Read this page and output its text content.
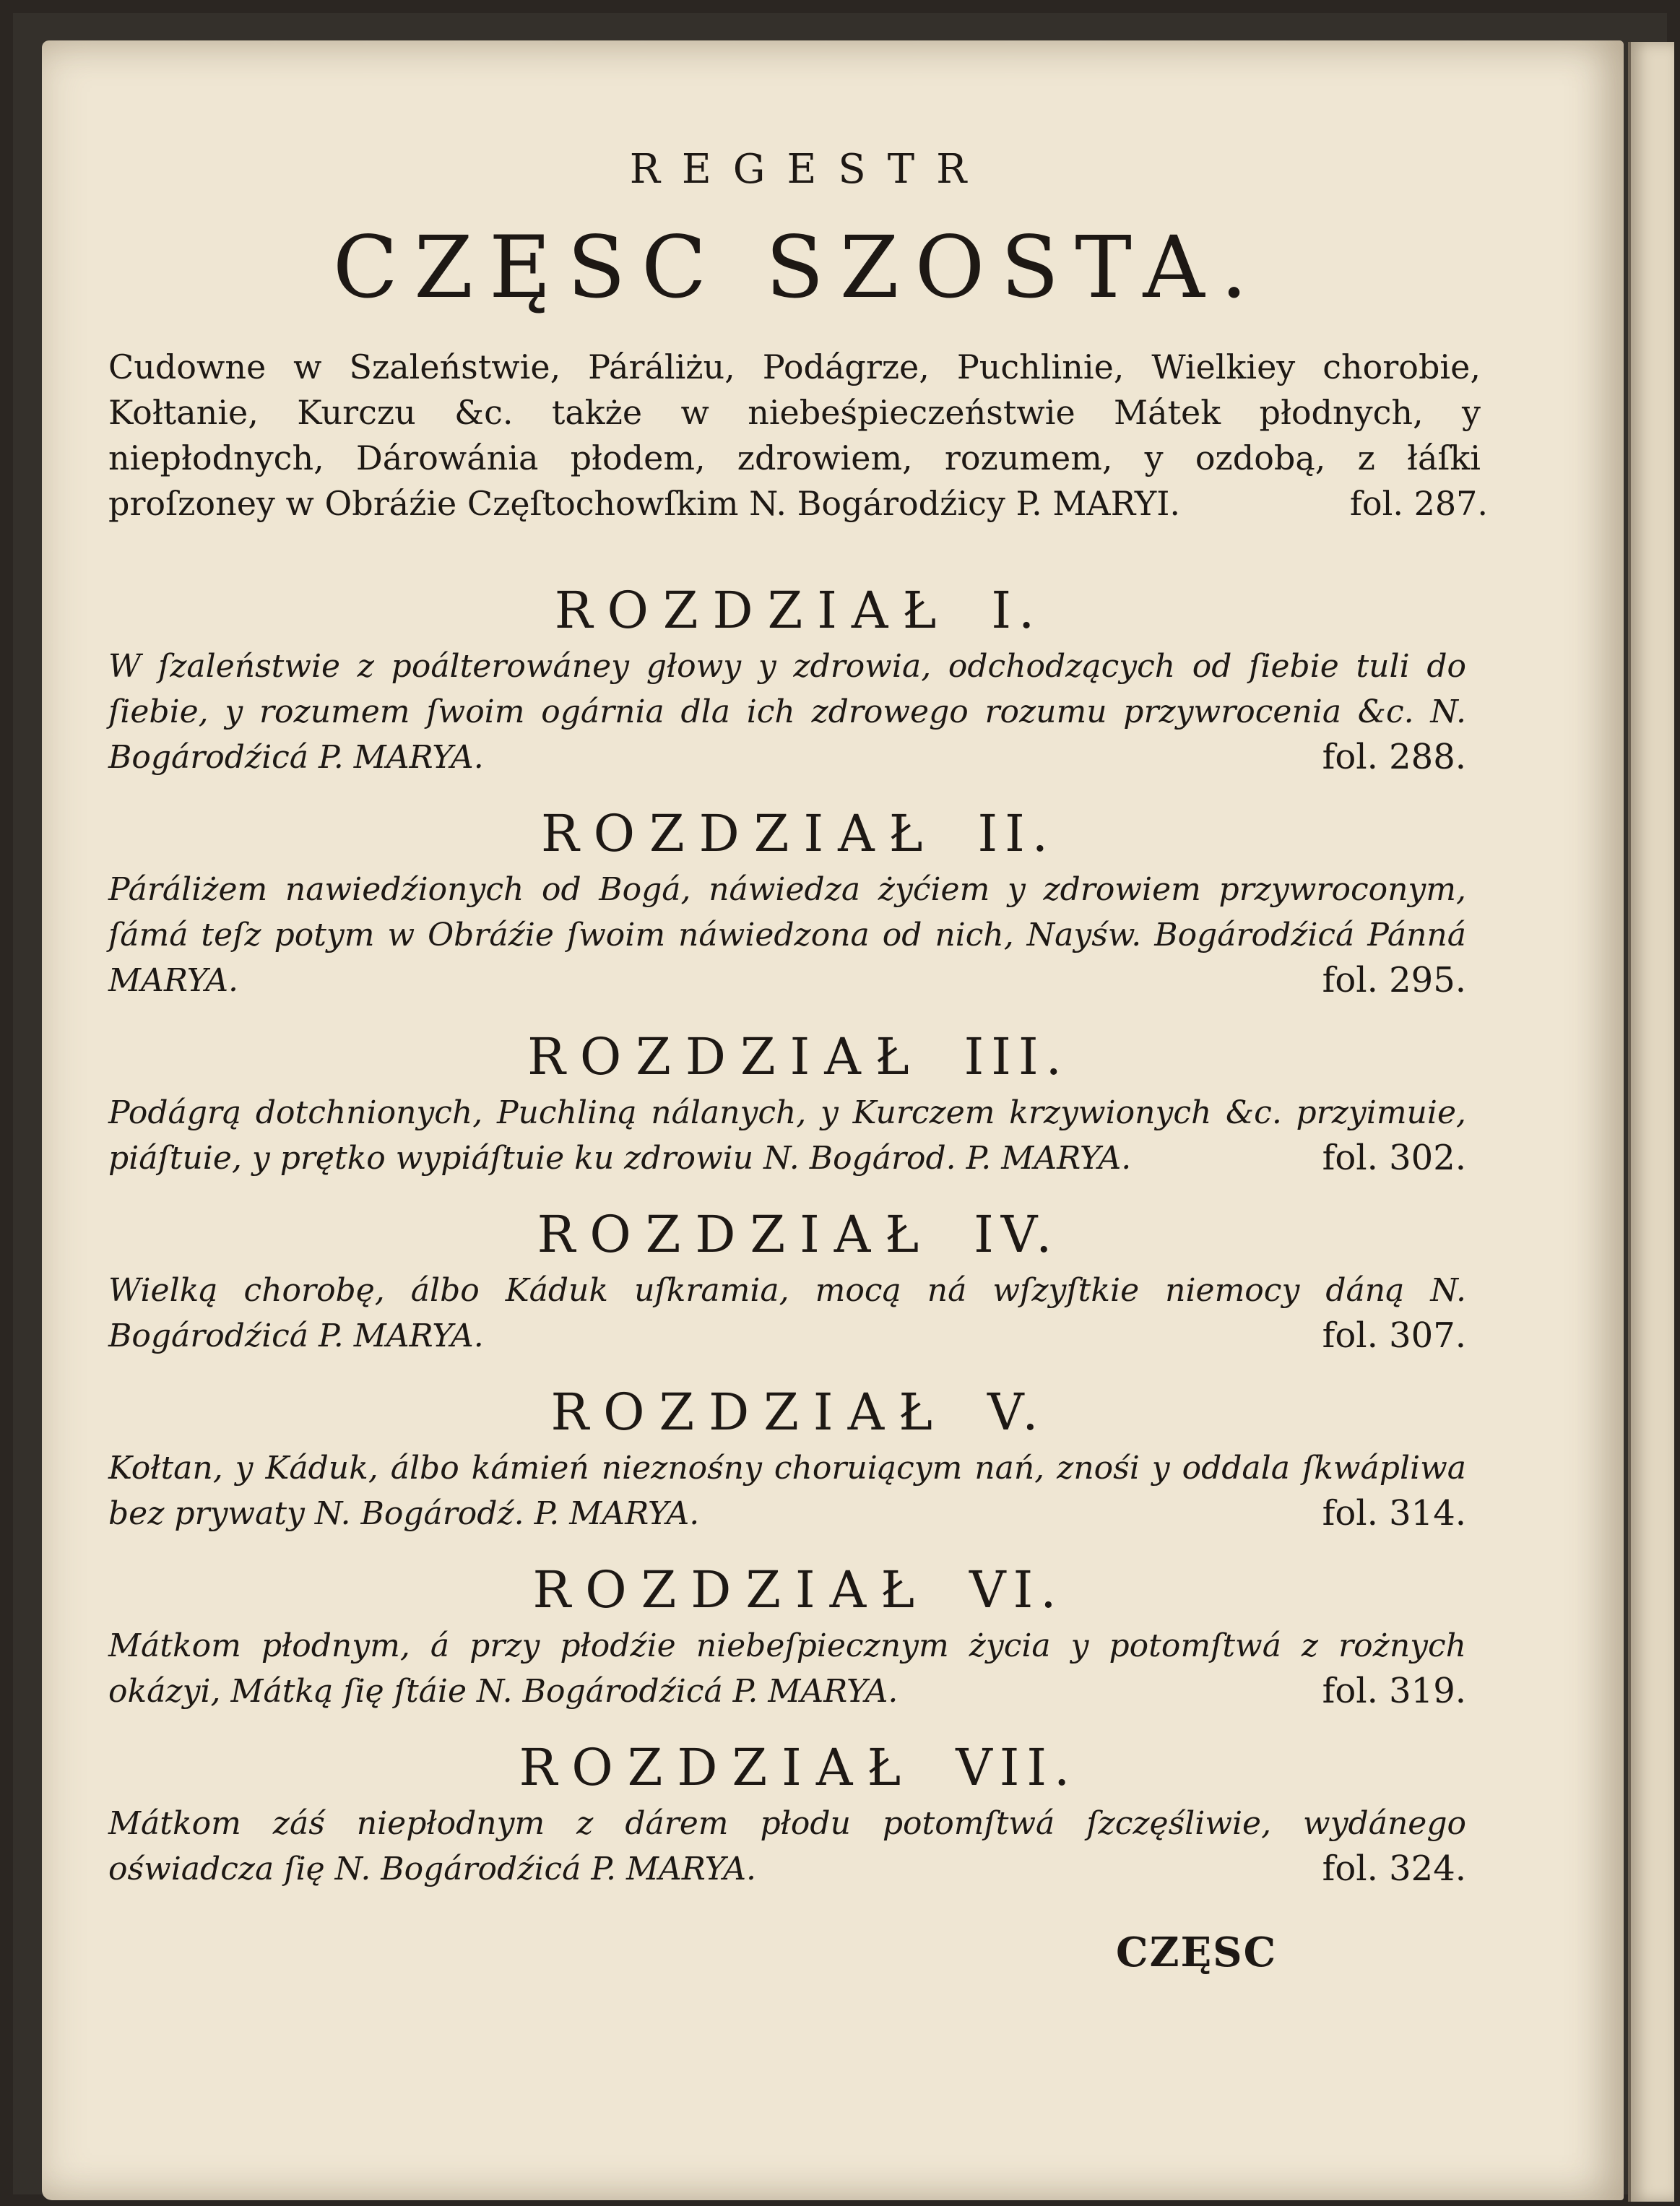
REGESTR
CZĘSC SZOSTA.
Cudowne w Szaleństwie, Páráliżu, Podágrze, Puchlinie, Wielkiey chorobie, Kołtanie, Kurczu &c. także w niebeśpieczeństwie Mátek płodnych, y niepłodnych, Dárowánia płodem, zdrowiem, rozumem, y ozdobą, z łáſki proſzoney w Obráźie Częſtochowſkim N. Bogárodźicy P. MARYI.	fol. 287.
ROZDZIAŁ I.
W ſzaleństwie z poálterowáney głowy y zdrowia, odchodzących od ſiebie tuli do ſiebie, y rozumem ſwoim ogárnia dla ich zdrowego rozumu przywrocenia &c. N. Bogárodźicá P. MARYA.	fol. 288.
ROZDZIAŁ II.
Páráliżem nawiedźionych od Bogá, náwiedza żyćiem y zdrowiem przywroconym, ſámá teſz potym w Obráźie ſwoim náwiedzona od nich, Nayśw. Bogárodźicá Pánná MARYA.	fol. 295.
ROZDZIAŁ III.
Podágrą dotchnionych, Puchliną nálanych, y Kurczem krzywionych &c. przyimuie, piáſtuie, y prętko wypiáſtuie ku zdrowiu N. Bogárod. P. MARYA.	fol. 302.
ROZDZIAŁ IV.
Wielką chorobę, álbo Káduk uſkramia, mocą ná wſzyſtkie niemocy dáną N. Bogárodźicá P. MARYA.	fol. 307.
ROZDZIAŁ V.
Kołtan, y Káduk, álbo kámień nieznośny choruiącym nań, znośi y oddala ſkwápliwa bez prywaty N. Bogárodź. P. MARYA.	fol. 314.
ROZDZIAŁ VI.
Mátkom płodnym, á przy płodźie niebeſpiecznym życia y potomſtwá z rożnych okázyi, Mátką ſię ſtáie N. Bogárodźicá P. MARYA.	fol. 319.
ROZDZIAŁ VII.
Mátkom záś niepłodnym z dárem płodu potomſtwá ſzczęśliwie, wydánego oświadcza ſię N. Bogárodźicá P. MARYA.	fol. 324.
CZĘSC
